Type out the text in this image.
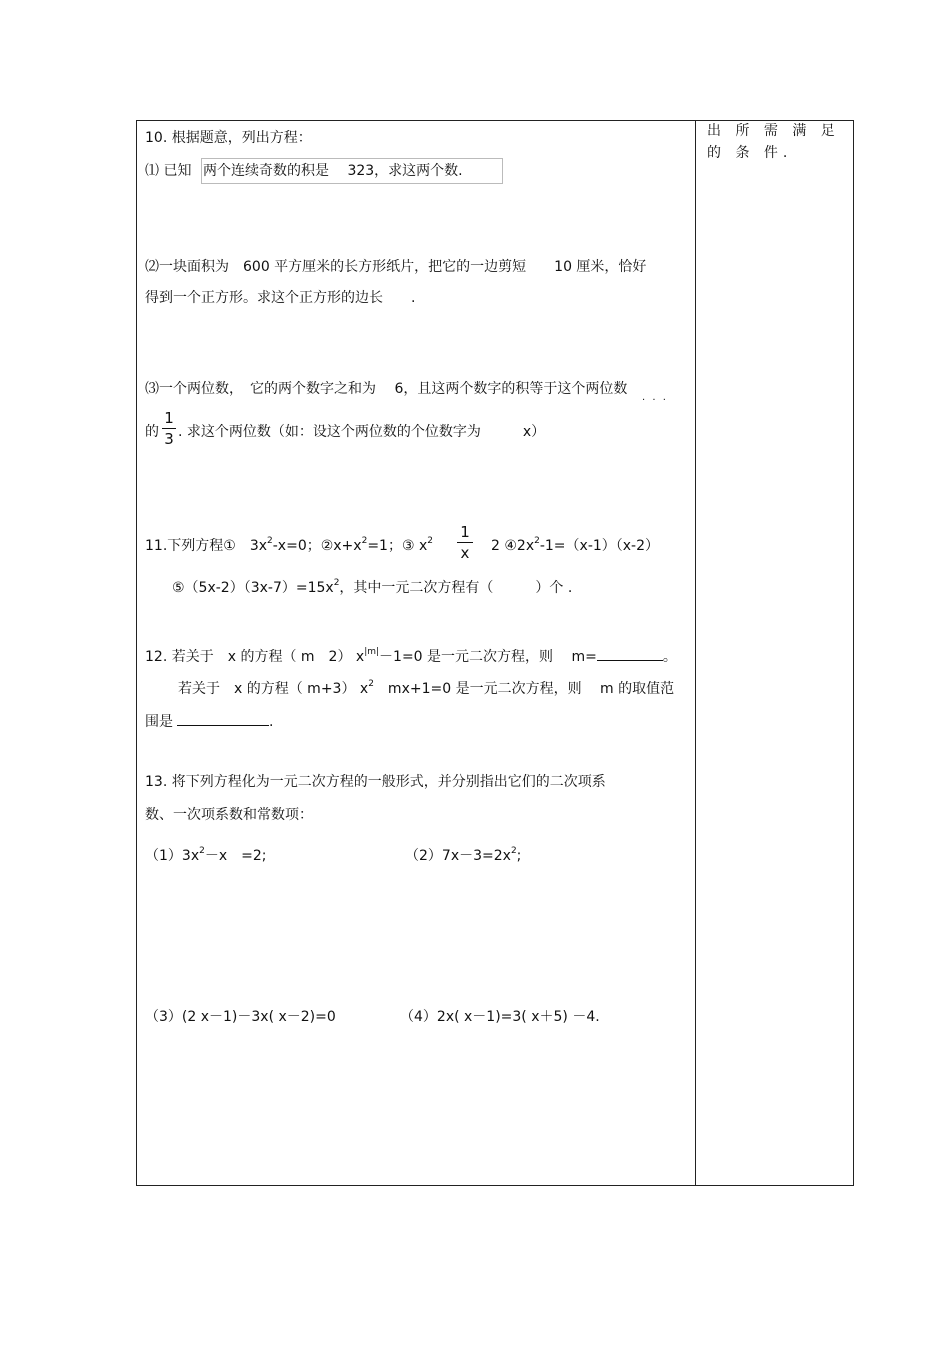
出 所 需 满 足 的 条 件.
10. 根据题意，列出方程：
⑴ 已知 两个连续奇数的积是　 323，求这两个数.
⑵一块面积为　600 平方厘米的长方形纸片，把它的一边剪短　　10 厘米，恰好
得到一个正方形。求这个正方形的边长　　.
⑶一个两位数，　它的两个数字之和为　 6，且这两个数字的积等于这个两位数
· · ·
的
1
3 . 求这个两位数（如：设这个两位数的个位数字为　　　x）
11.下列方程①　$3x^2-x=0$；$②x+x^2=1$；③ $x^2$ 1
x 2 $④2x^2-1=(x-1)(x-2)$
$⑤(5x-2)(3x-7)=15x^2$，其中一元二次方程有（　　　）个 .
12. 若关于　x 的方程（ m　2） $x^{|m|}-1=0$ 是一元二次方程，则　 m=	。
若关于　x 的方程（ m+3） $x^2$　mx+1=0 是一元二次方程，则　 m 的取值范
围是	.
13. 将下列方程化为一元二次方程的一般形式，并分别指出它们的二次项系
数、一次项系数和常数项：
$(1)3x^2-x$　=2;	$(2)7x-3=2x^2$;
（3）(2 x－1)－3x( x－2)=0	（4）2x( x－1)=3( x＋5) －4.
